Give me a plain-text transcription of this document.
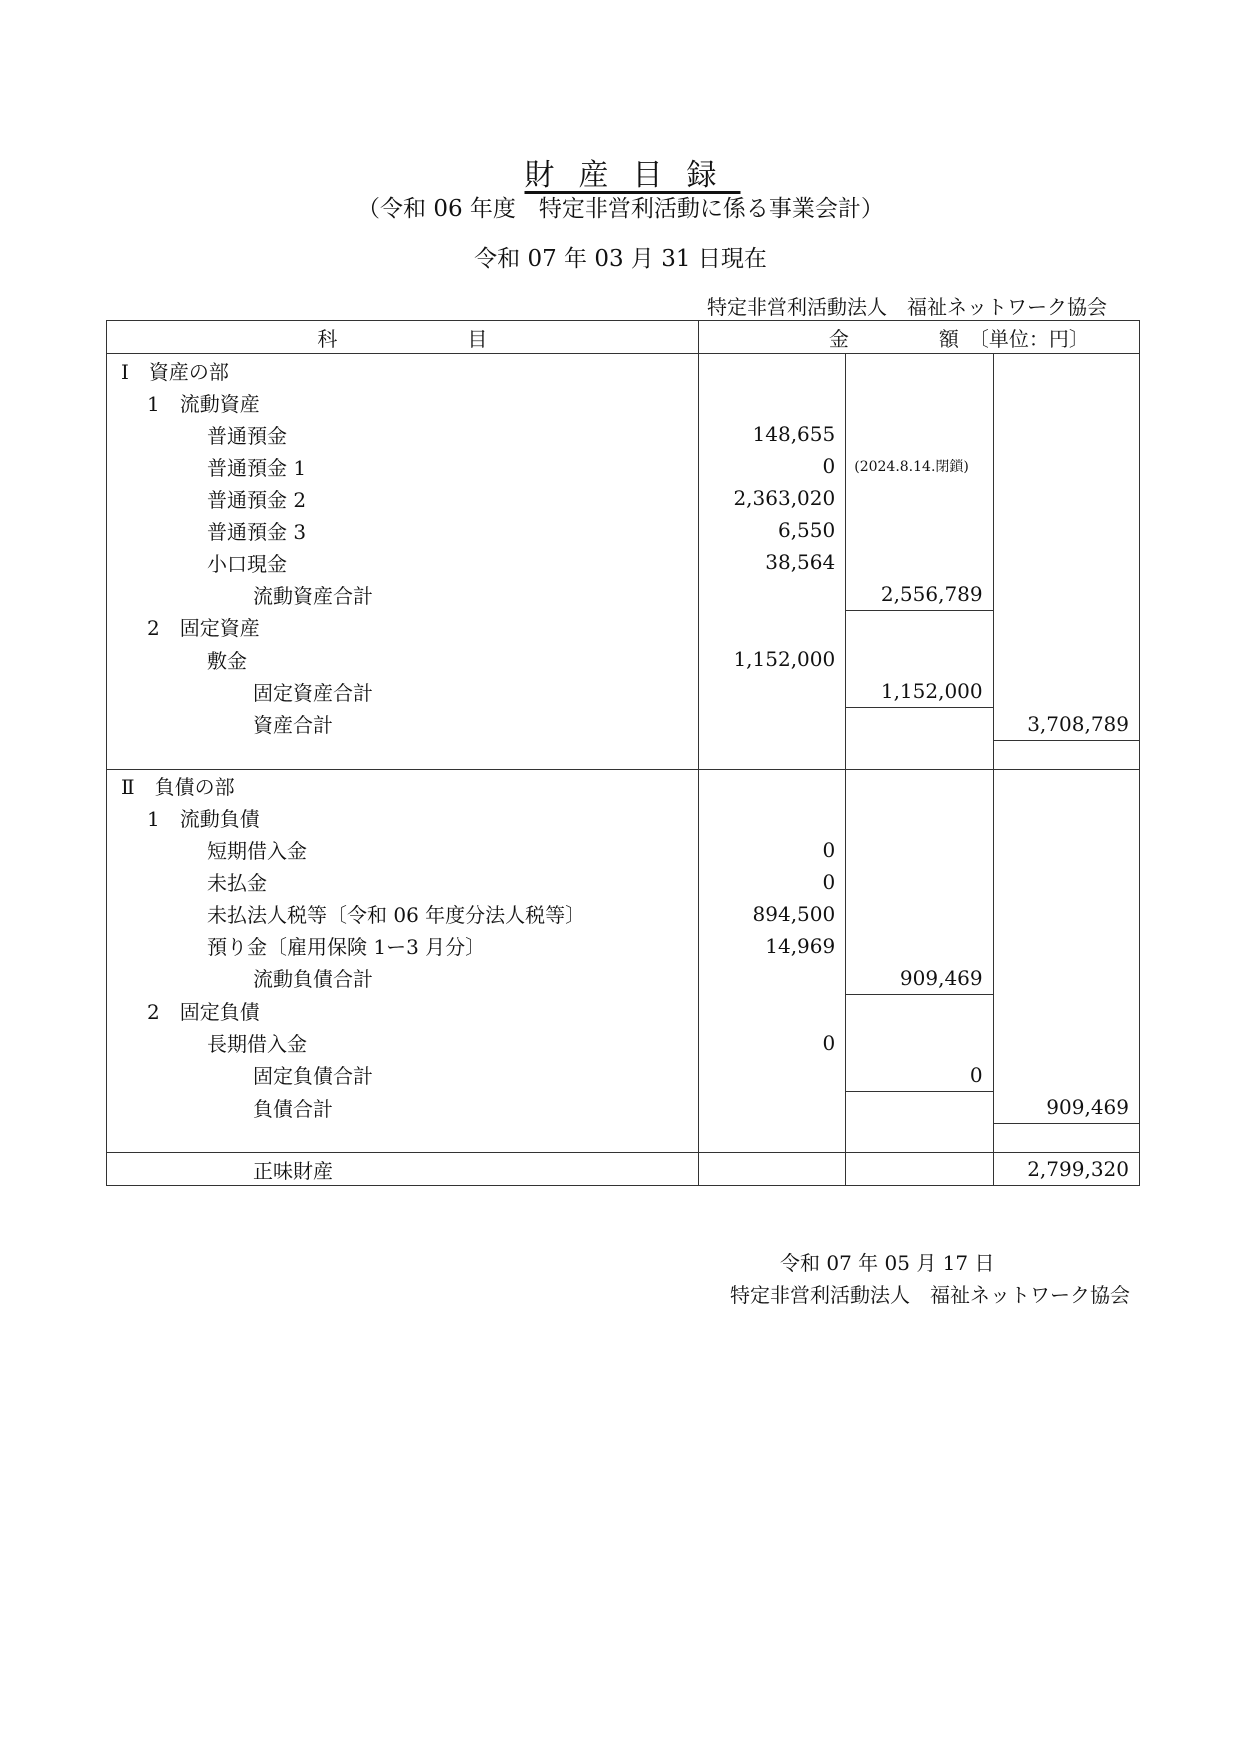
財産目録
（令和 06 年度　特定非営利活動に係る事業会計）
令和 07 年 03 月 31 日現在
特定非営利活動法人　福祉ネットワーク協会
科 目	金 額 〔単位：円〕		
Ⅰ　資産の部			
1　流動資産			
普通預金	148,655		
普通預金 1	0	(2024.8.14.閉鎖)	
普通預金 2	2,363,020		
普通預金 3	6,550		
小口現金	38,564		
流動資産合計		2,556,789	
2　固定資産			
敷金	1,152,000		
固定資産合計		1,152,000	
資産合計			3,708,789

Ⅱ　負債の部			
1　流動負債			
短期借入金	0		
未払金	0		
未払法人税等〔令和 06 年度分法人税等〕	894,500		
預り金〔雇用保険 1ー3 月分〕	14,969		
流動負債合計		909,469	
2　固定負債			
長期借入金	0		
固定負債合計		0	
負債合計			909,469

正味財産			2,799,320
令和 07 年 05 月 17 日
特定非営利活動法人　福祉ネットワーク協会
